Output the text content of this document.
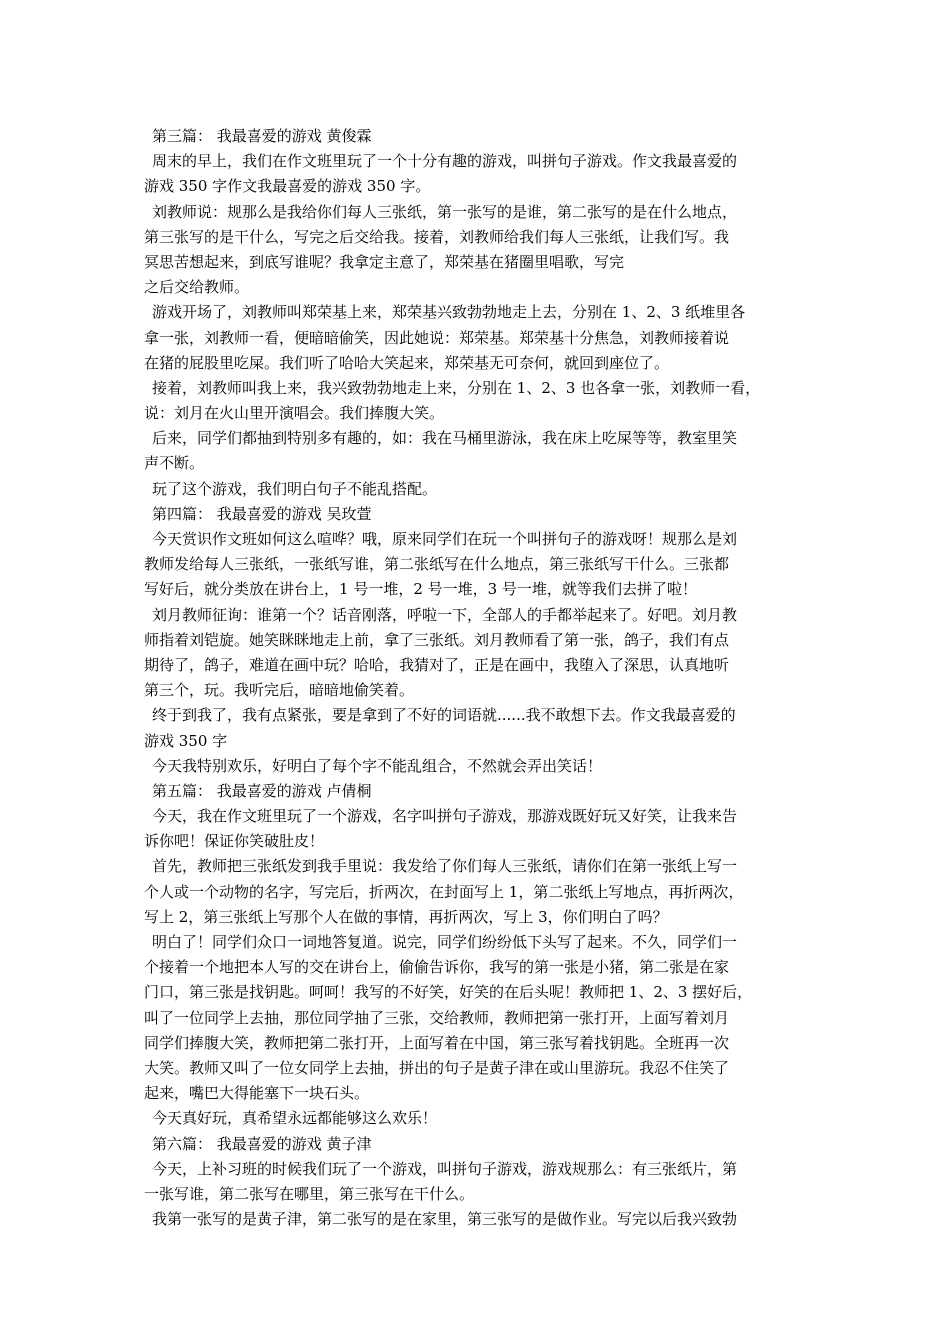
第三篇： 我最喜爱的游戏 黄俊霖
周末的早上，我们在作文班里玩了一个十分有趣的游戏，叫拼句子游戏。作文我最喜爱的
游戏 350 字作文我最喜爱的游戏 350 字。
刘教师说：规那么是我给你们每人三张纸，第一张写的是谁，第二张写的是在什么地点，
第三张写的是干什么，写完之后交给我。接着，刘教师给我们每人三张纸，让我们写。我
冥思苦想起来，到底写谁呢？我拿定主意了，郑荣基在猪圈里唱歌，写完
之后交给教师。
游戏开场了，刘教师叫郑荣基上来，郑荣基兴致勃勃地走上去，分别在 1、2、3 纸堆里各
拿一张，刘教师一看，便暗暗偷笑，因此她说：郑荣基。郑荣基十分焦急，刘教师接着说
在猪的屁股里吃屎。我们听了哈哈大笑起来，郑荣基无可奈何，就回到座位了。
接着，刘教师叫我上来，我兴致勃勃地走上来，分别在 1、2、3 也各拿一张，刘教师一看，
说：刘月在火山里开演唱会。我们捧腹大笑。
后来，同学们都抽到特别多有趣的，如：我在马桶里游泳，我在床上吃屎等等，教室里笑
声不断。
玩了这个游戏，我们明白句子不能乱搭配。
第四篇： 我最喜爱的游戏 吴玫萱
今天赏识作文班如何这么喧哗？哦，原来同学们在玩一个叫拼句子的游戏呀！规那么是刘
教师发给每人三张纸，一张纸写谁，第二张纸写在什么地点，第三张纸写干什么。三张都
写好后，就分类放在讲台上，1 号一堆，2 号一堆，3 号一堆，就等我们去拼了啦！
刘月教师征询：谁第一个？话音刚落，呼啦一下，全部人的手都举起来了。好吧。刘月教
师指着刘铠旋。她笑眯眯地走上前，拿了三张纸。刘月教师看了第一张，鸽子，我们有点
期待了，鸽子，难道在画中玩？哈哈，我猜对了，正是在画中，我堕入了深思，认真地听
第三个，玩。我听完后，暗暗地偷笑着。
终于到我了，我有点紧张，要是拿到了不好的词语就......我不敢想下去。作文我最喜爱的
游戏 350 字
今天我特别欢乐，好明白了每个字不能乱组合，不然就会弄出笑话！
第五篇： 我最喜爱的游戏 卢倩桐
今天，我在作文班里玩了一个游戏，名字叫拼句子游戏，那游戏既好玩又好笑，让我来告
诉你吧！保证你笑破肚皮！
首先，教师把三张纸发到我手里说：我发给了你们每人三张纸，请你们在第一张纸上写一
个人或一个动物的名字，写完后，折两次，在封面写上 1，第二张纸上写地点，再折两次，
写上 2，第三张纸上写那个人在做的事情，再折两次，写上 3，你们明白了吗？
明白了！同学们众口一词地答复道。说完，同学们纷纷低下头写了起来。不久，同学们一
个接着一个地把本人写的交在讲台上，偷偷告诉你，我写的第一张是小猪，第二张是在家
门口，第三张是找钥匙。呵呵！我写的不好笑，好笑的在后头呢！教师把 1、2、3 摆好后，
叫了一位同学上去抽，那位同学抽了三张，交给教师，教师把第一张打开，上面写着刘月
同学们捧腹大笑，教师把第二张打开，上面写着在中国，第三张写着找钥匙。全班再一次
大笑。教师又叫了一位女同学上去抽，拼出的句子是黄子津在或山里游玩。我忍不住笑了
起来，嘴巴大得能塞下一块石头。
今天真好玩，真希望永远都能够这么欢乐！
第六篇： 我最喜爱的游戏 黄子津
今天，上补习班的时候我们玩了一个游戏，叫拼句子游戏，游戏规那么：有三张纸片，第
一张写谁，第二张写在哪里，第三张写在干什么。
我第一张写的是黄子津，第二张写的是在家里，第三张写的是做作业。写完以后我兴致勃
